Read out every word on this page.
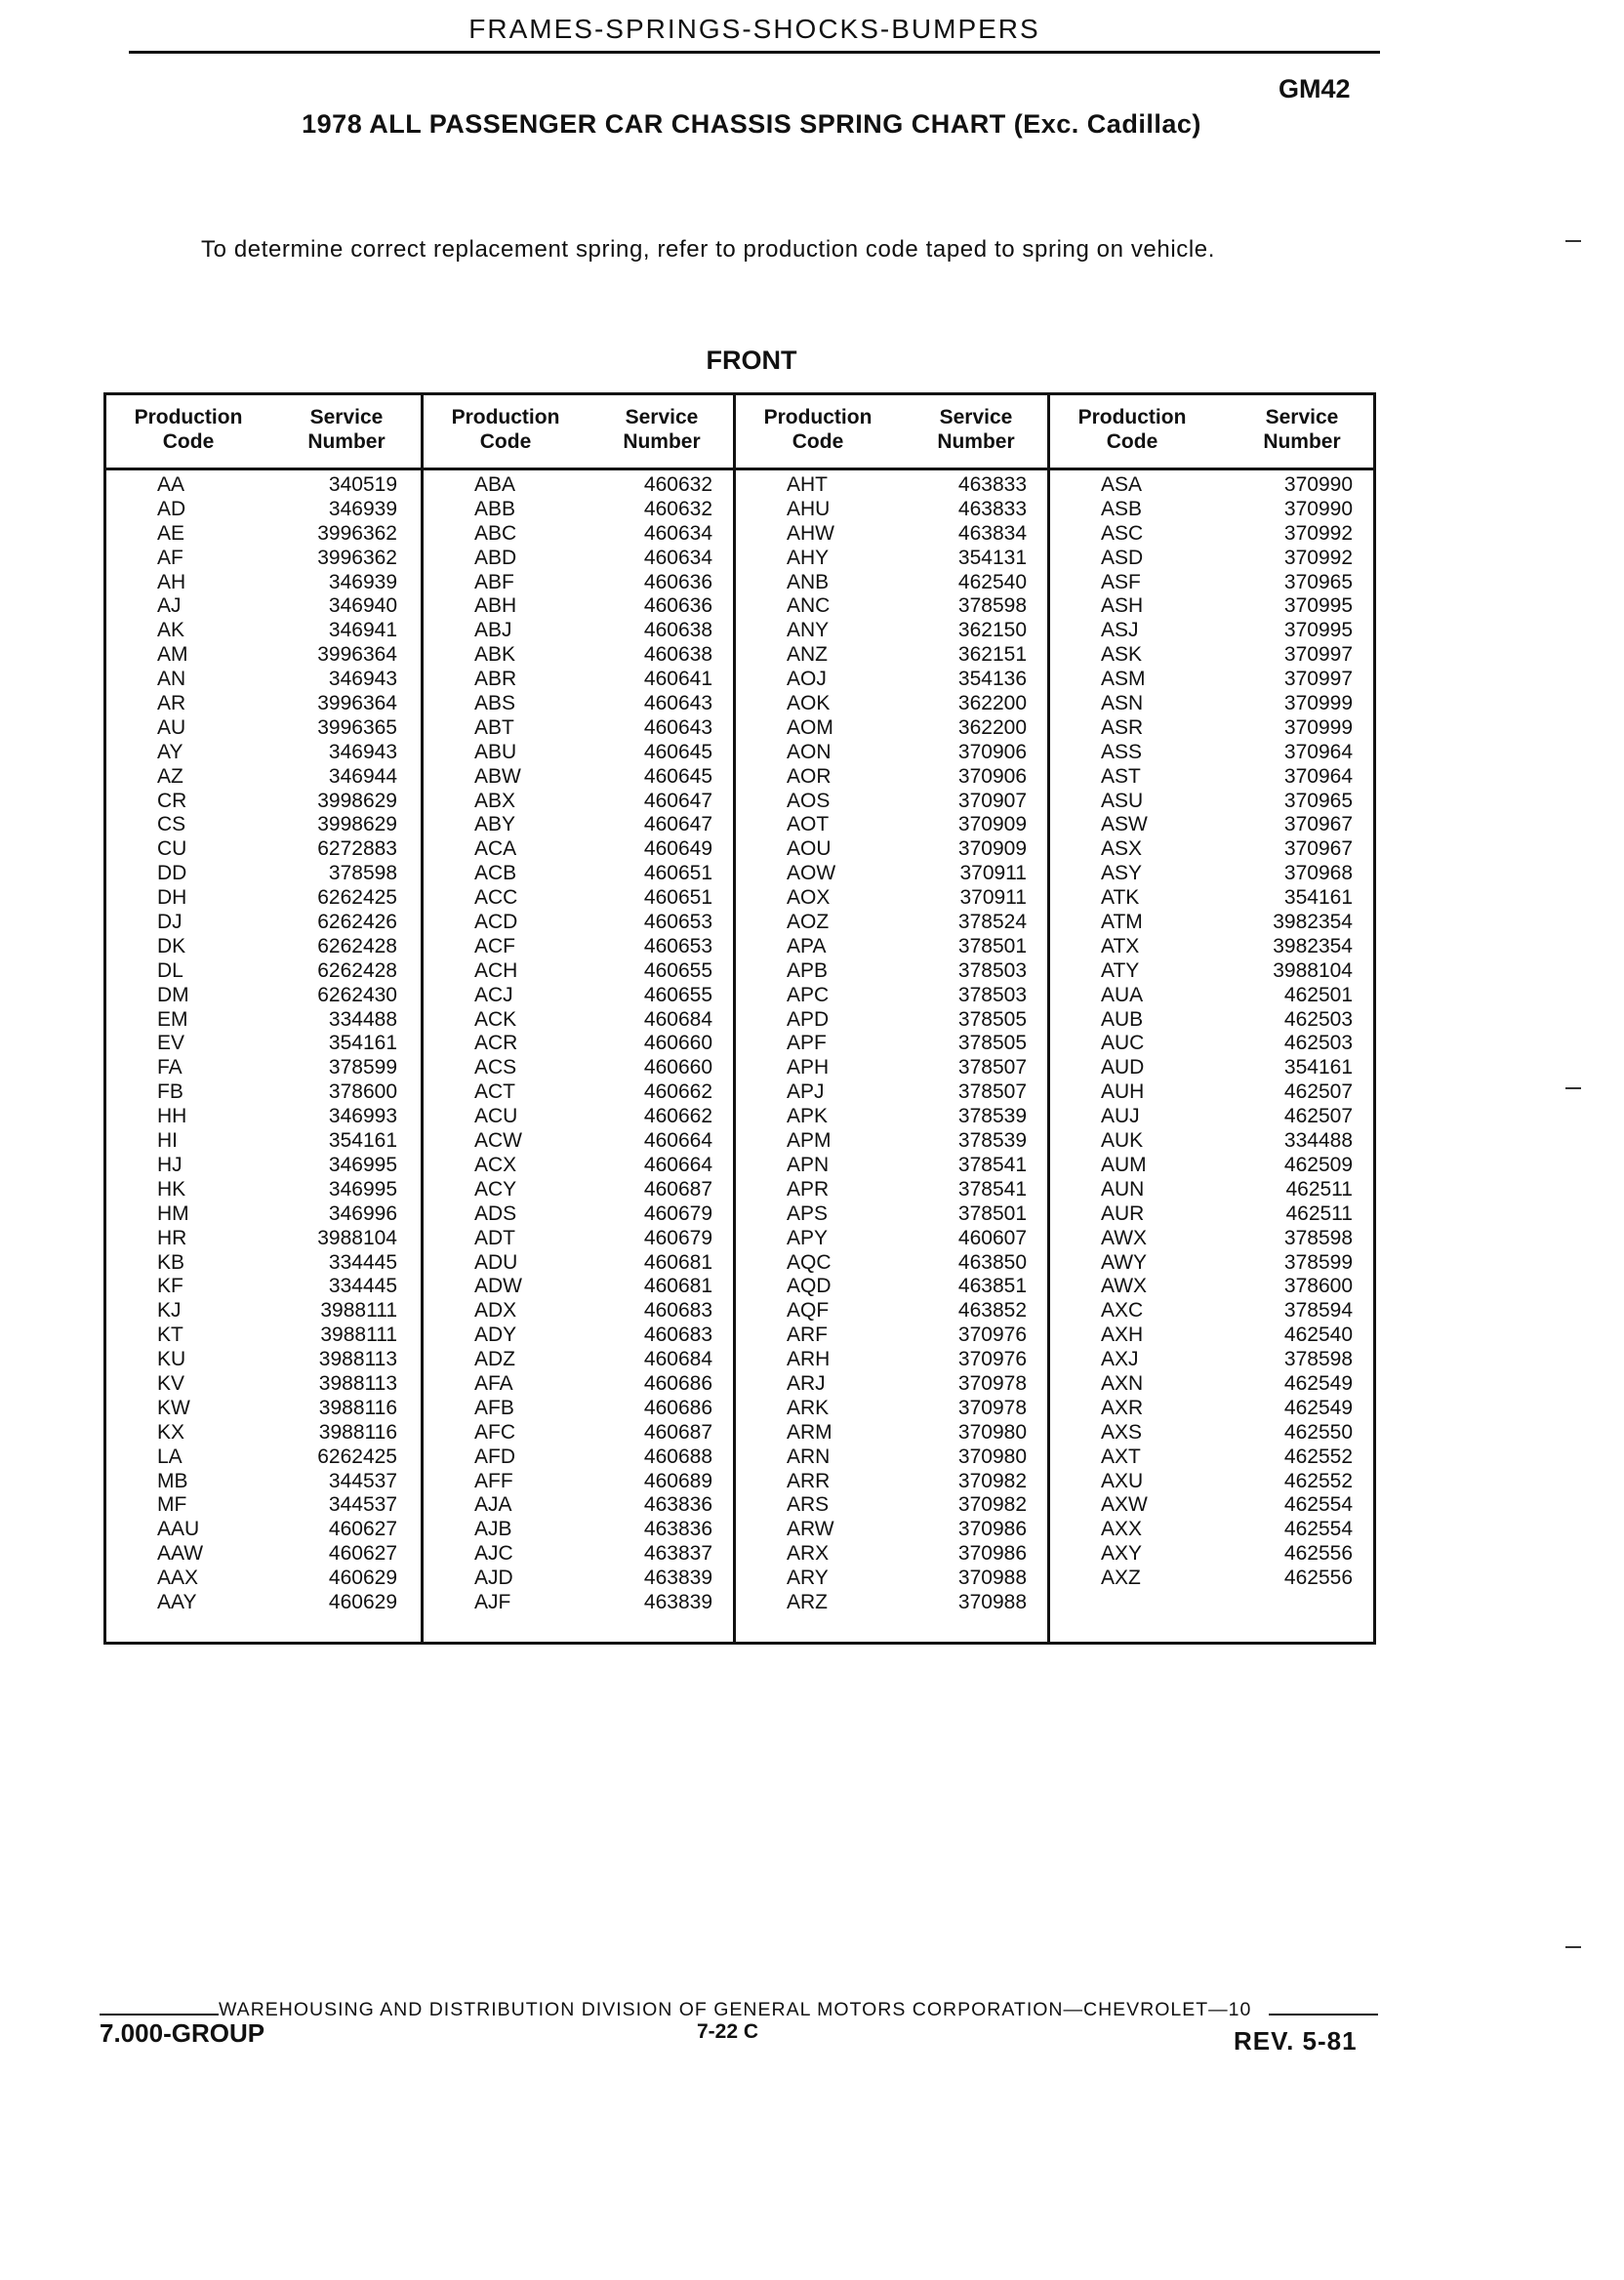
FRAMES-SPRINGS-SHOCKS-BUMPERS
GM42
1978 ALL PASSENGER CAR CHASSIS SPRING CHART (Exc. Cadillac)
To determine correct replacement spring, refer to production code taped to spring on vehicle.
FRONT
Production Code
Service Number
AA	340519
AD	346939
AE	3996362
AF	3996362
AH	346939
AJ	346940
AK	346941
AM	3996364
AN	346943
AR	3996364
AU	3996365
AY	346943
AZ	346944
CR	3998629
CS	3998629
CU	6272883
DD	378598
DH	6262425
DJ	6262426
DK	6262428
DL	6262428
DM	6262430
EM	334488
EV	354161
FA	378599
FB	378600
HH	346993
HI	354161
HJ	346995
HK	346995
HM	346996
HR	3988104
KB	334445
KF	334445
KJ	3988111
KT	3988111
KU	3988113
KV	3988113
KW	3988116
KX	3988116
LA	6262425
MB	344537
MF	344537
AAU	460627
AAW	460627
AAX	460629
AAY	460629
Production Code
Service Number
ABA	460632
ABB	460632
ABC	460634
ABD	460634
ABF	460636
ABH	460636
ABJ	460638
ABK	460638
ABR	460641
ABS	460643
ABT	460643
ABU	460645
ABW	460645
ABX	460647
ABY	460647
ACA	460649
ACB	460651
ACC	460651
ACD	460653
ACF	460653
ACH	460655
ACJ	460655
ACK	460684
ACR	460660
ACS	460660
ACT	460662
ACU	460662
ACW	460664
ACX	460664
ACY	460687
ADS	460679
ADT	460679
ADU	460681
ADW	460681
ADX	460683
ADY	460683
ADZ	460684
AFA	460686
AFB	460686
AFC	460687
AFD	460688
AFF	460689
AJA	463836
AJB	463836
AJC	463837
AJD	463839
AJF	463839
Production Code
Service Number
AHT	463833
AHU	463833
AHW	463834
AHY	354131
ANB	462540
ANC	378598
ANY	362150
ANZ	362151
AOJ	354136
AOK	362200
AOM	362200
AON	370906
AOR	370906
AOS	370907
AOT	370909
AOU	370909
AOW	370911
AOX	370911
AOZ	378524
APA	378501
APB	378503
APC	378503
APD	378505
APF	378505
APH	378507
APJ	378507
APK	378539
APM	378539
APN	378541
APR	378541
APS	378501
APY	460607
AQC	463850
AQD	463851
AQF	463852
ARF	370976
ARH	370976
ARJ	370978
ARK	370978
ARM	370980
ARN	370980
ARR	370982
ARS	370982
ARW	370986
ARX	370986
ARY	370988
ARZ	370988
Production Code
Service Number
ASA	370990
ASB	370990
ASC	370992
ASD	370992
ASF	370965
ASH	370995
ASJ	370995
ASK	370997
ASM	370997
ASN	370999
ASR	370999
ASS	370964
AST	370964
ASU	370965
ASW	370967
ASX	370967
ASY	370968
ATK	354161
ATM	3982354
ATX	3982354
ATY	3988104
AUA	462501
AUB	462503
AUC	462503
AUD	354161
AUH	462507
AUJ	462507
AUK	334488
AUM	462509
AUN	462511
AUR	462511
AWX	378598
AWY	378599
AWX	378600
AXC	378594
AXH	462540
AXJ	378598
AXN	462549
AXR	462549
AXS	462550
AXT	462552
AXU	462552
AXW	462554
AXX	462554
AXY	462556
AXZ	462556
WAREHOUSING AND DISTRIBUTION DIVISION OF GENERAL MOTORS CORPORATION—CHEVROLET—10
7.000-GROUP	7-22 C	REV. 5-81
